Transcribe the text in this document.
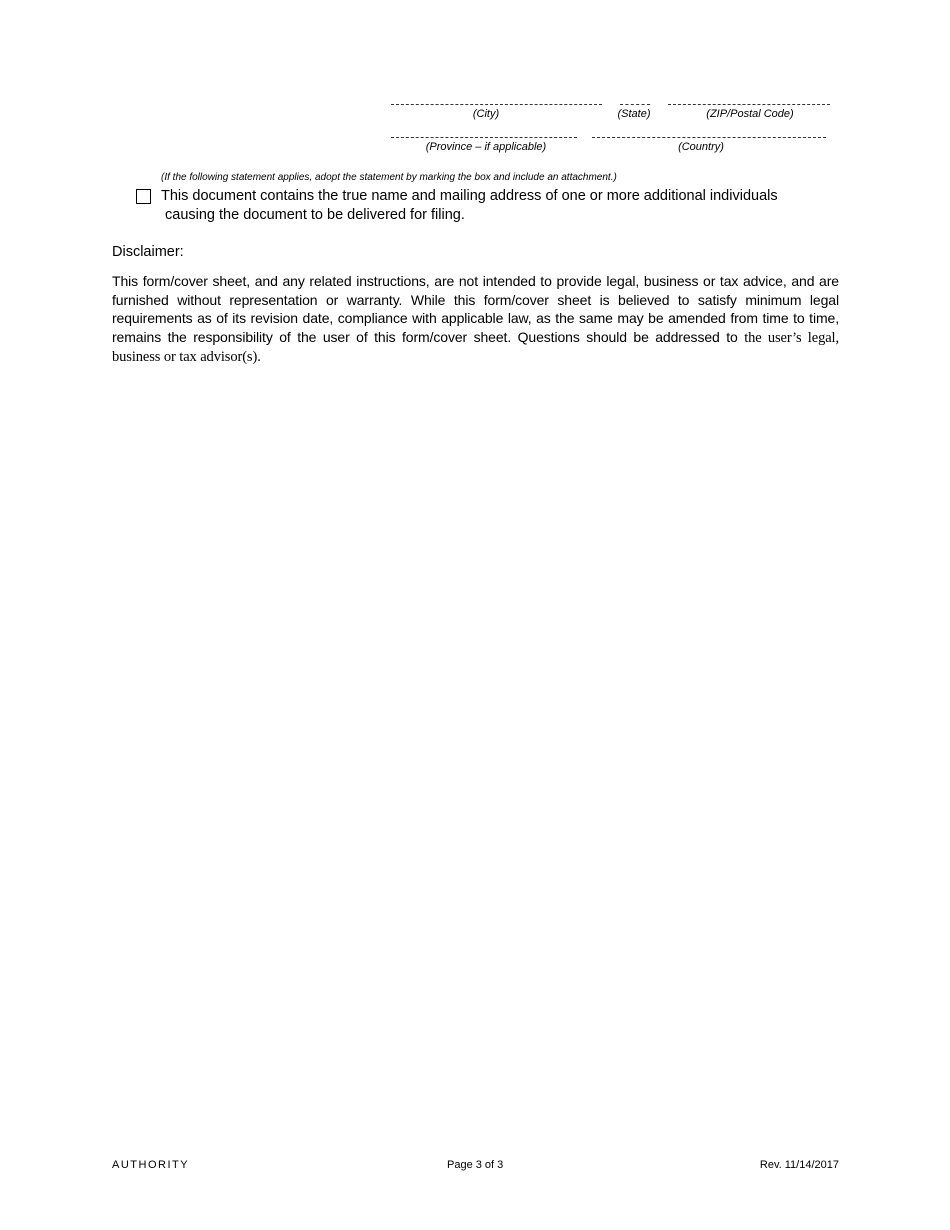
(City)	(State)	(ZIP/Postal Code)
(Province – if applicable)	(Country)
(If the following statement applies, adopt the statement by marking the box and include an attachment.)
This document contains the true name and mailing address of one or more additional individuals
causing the document to be delivered for filing.
Disclaimer:
This form/cover sheet, and any related instructions, are not intended to provide legal, business or tax advice, and are furnished without representation or warranty. While this form/cover sheet is believed to satisfy minimum legal requirements as of its revision date, compliance with applicable law, as the same may be amended from time to time, remains the responsibility of the user of this form/cover sheet. Questions should be addressed to the user’s legal, business or tax advisor(s).
AUTHORITY	Page 3 of 3	Rev. 11/14/2017
